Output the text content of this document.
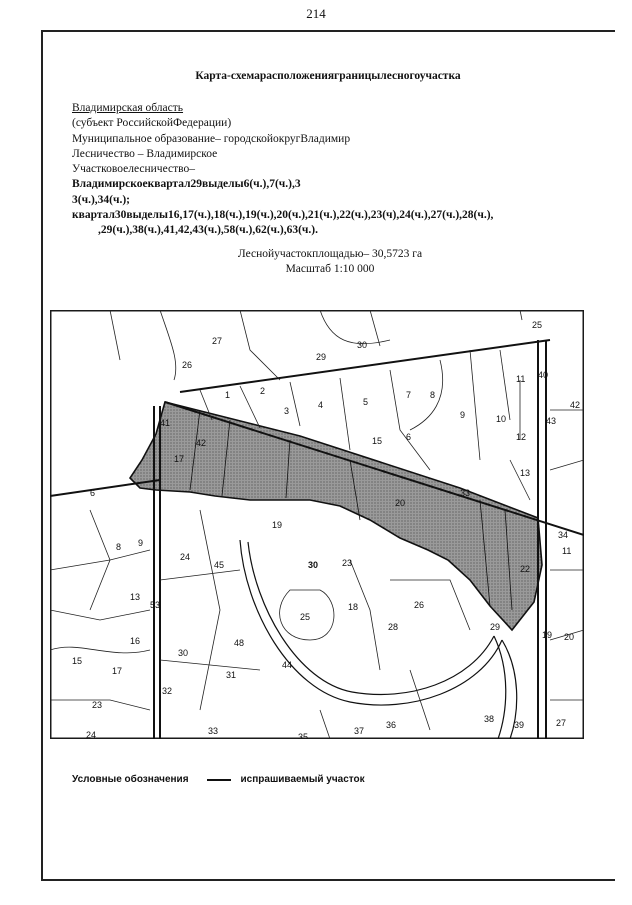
214
Карта-схемарасположенияграницылесногоучастка
Владимирская область
(субъект РоссийскойФедерации)
Муниципальное образование– городскойокругВладимир
Лесничество – Владимирское
Участковоелесничество–
Владимирскоеквартал29выделы6(ч.),7(ч.),3
3(ч.),34(ч.);
квартал30выделы16,17(ч.),18(ч.),19(ч.),20(ч.),21(ч.),22(ч.),23(ч),24(ч.),27(ч.),28(ч.),
,29(ч.),38(ч.),41,42,43(ч.),58(ч.),62(ч.),63(ч.).
Леснойучастокплощадью– 30,5723 га
Масштаб 1:10 000
27
29
30
25
26
1	2
3
4	5
7 8
9	10
11 40
42
43
12
13
15	6
20
33
34
11
22
19
30	23
24
45
25
18	26
28	29
19 20
6
8 9
13
16
15
17
23
30
31
32
33
44
48
37
36
38
39	27
24	35
53
41
42
17
Условные обозначения	испрашиваемый участок
